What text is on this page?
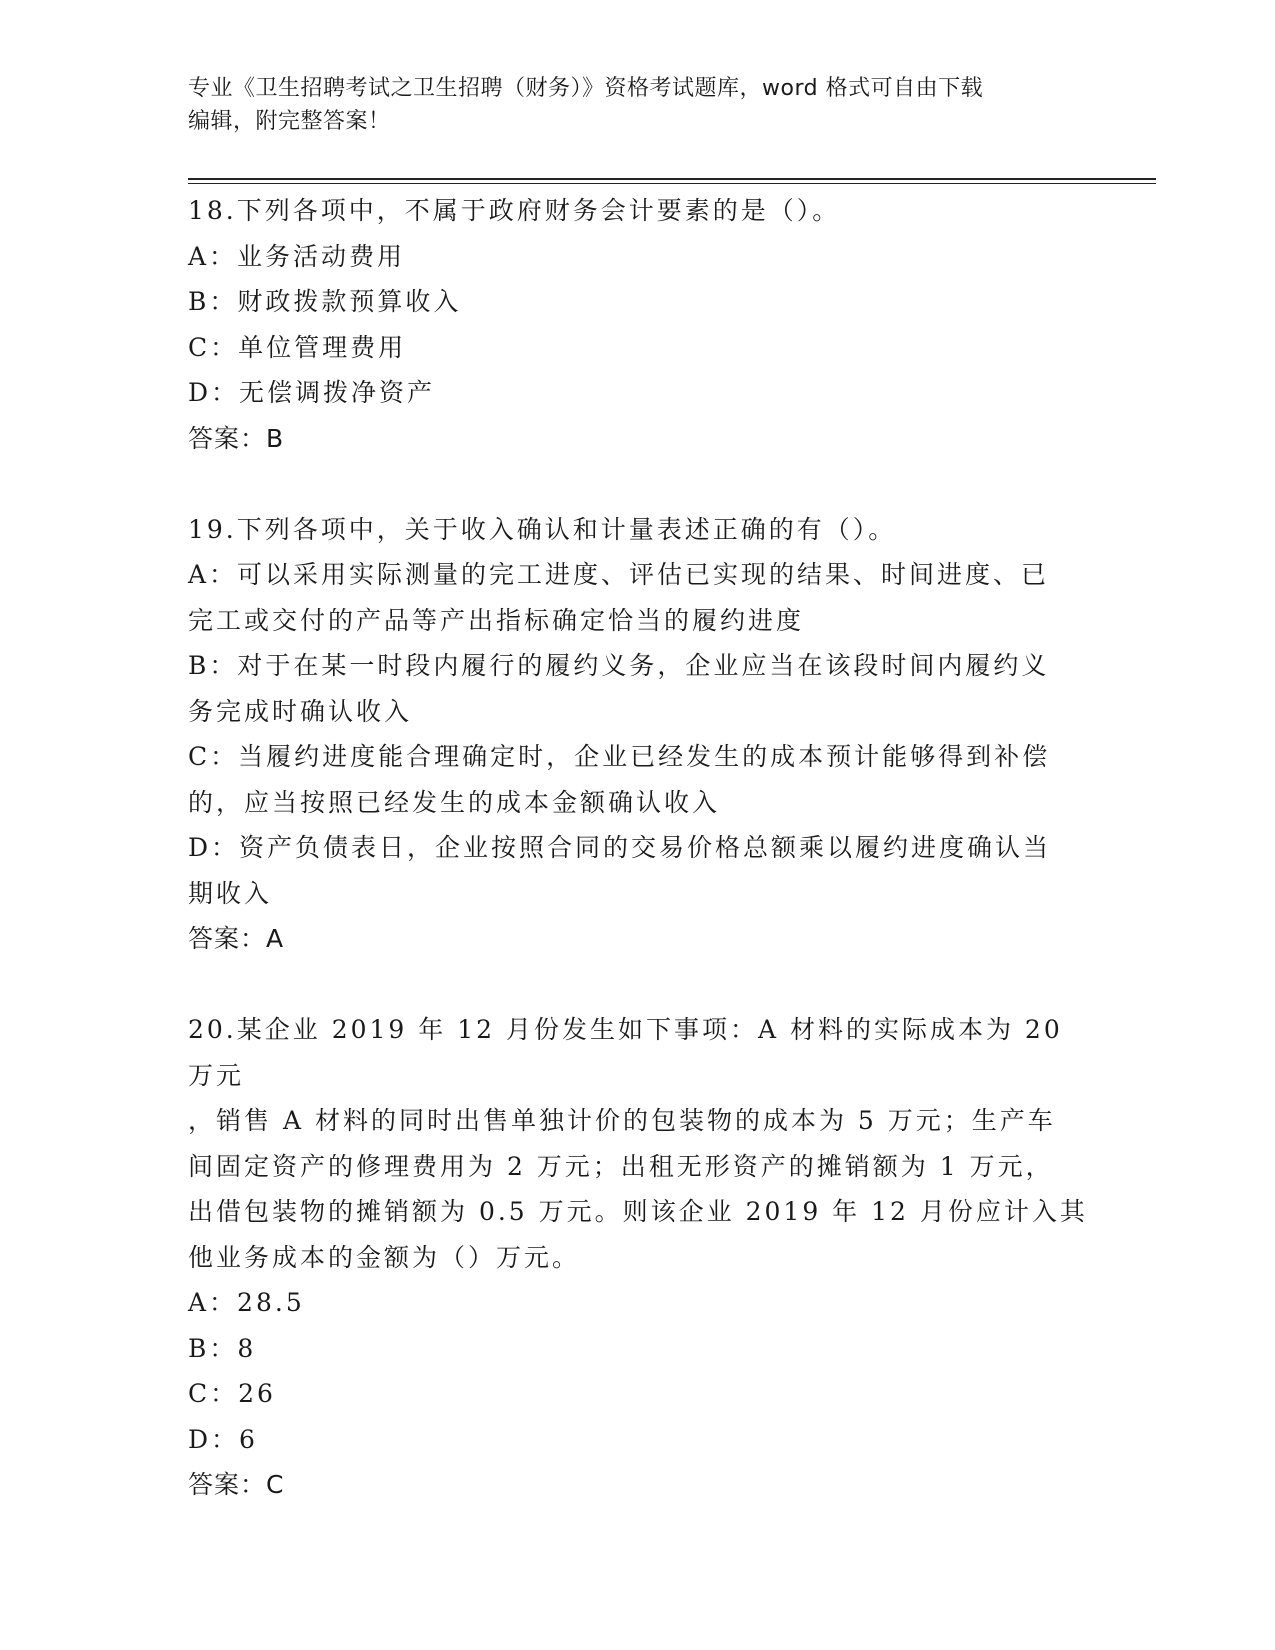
专业《卫生招聘考试之卫生招聘（财务）》资格考试题库，word 格式可自由下载
编辑，附完整答案！

18.下列各项中，不属于政府财务会计要素的是（）。

A：业务活动费用

B：财政拨款预算收入

C：单位管理费用

D：无偿调拨净资产

答案：B

19.下列各项中，关于收入确认和计量表述正确的有（）。

A：可以采用实际测量的完工进度、评估已实现的结果、时间进度、已

完工或交付的产品等产出指标确定恰当的履约进度

B：对于在某一时段内履行的履约义务，企业应当在该段时间内履约义

务完成时确认收入

C：当履约进度能合理确定时，企业已经发生的成本预计能够得到补偿

的，应当按照已经发生的成本金额确认收入

D：资产负债表日，企业按照合同的交易价格总额乘以履约进度确认当

期收入

答案：A

20.某企业 2019 年 12 月份发生如下事项：A 材料的实际成本为 20 万元

，销售 A 材料的同时出售单独计价的包装物的成本为 5 万元；生产车

间固定资产的修理费用为 2 万元；出租无形资产的摊销额为 1 万元，

出借包装物的摊销额为 0.5 万元。则该企业 2019 年 12 月份应计入其

他业务成本的金额为（）万元。

A：28.5

B：8

C：26

D：6

答案：C
